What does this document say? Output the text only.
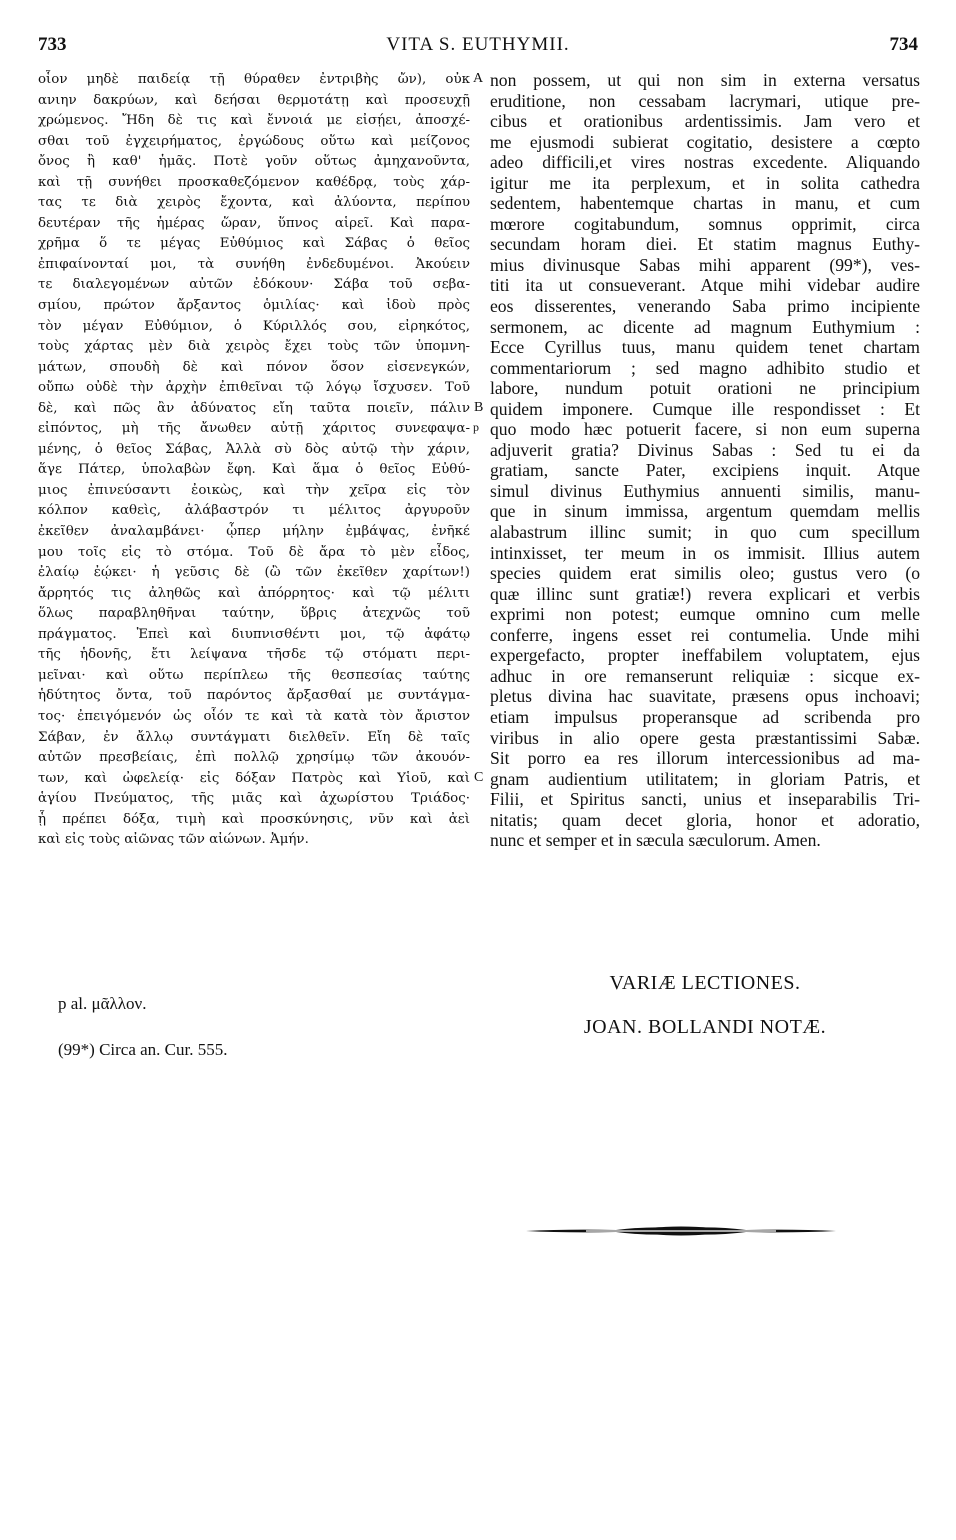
733	VITA S. EUTHYMII.	734
οἷον μηδὲ παιδείᾳ τῇ θύραθεν ἐντριβὴς ὤν), οὐκ
ανιην δακρύων, καὶ δεήσαι θερμοτάτῃ καὶ προσευχῇ
χρώμενος. Ἤδη δὲ τις καὶ ἔννοιά με εἰσῄει, ἀποσχέ-
σθαι τοῦ ἐγχειρήματος, ἐργώδους οὕτω καὶ μείζονος
ὄνος ἢ καθ' ἡμᾶς. Ποτὲ γοῦν οὕτως ἀμηχανοῦντα,
καὶ τῇ συνήθει προσκαθεζόμενον καθέδρᾳ, τοὺς χάρ-
τας τε διὰ χειρὸς ἔχοντα, καὶ ἀλύοντα, περίπου
δευτέραν τῆς ἡμέρας ὥραν, ὕπνος αἱρεῖ. Καὶ παρα-
χρῆμα ὅ τε μέγας Εὐθύμιος καὶ Σάβας ὁ θεῖος
ἐπιφαίνονταί μοι, τὰ συνήθη ἐνδεδυμένοι. Ἀκούειν
τε διαλεγομένων αὐτῶν ἐδόκουν· Σάβα τοῦ σεβα-
σμίου, πρώτον ἄρξαντος ὁμιλίας· καὶ ἰδοὺ πρὸς
τὸν μέγαν Εὐθύμιον, ὁ Κύριλλός σου, εἰρηκότος,
τοὺς χάρτας μὲν διὰ χειρὸς ἔχει τοὺς τῶν ὑπομνη-
μάτων, σπουδὴ δὲ καὶ πόνον ὅσον εἰσενεγκών,
οὔπω οὐδὲ τὴν ἀρχὴν ἐπιθεῖναι τῷ λόγῳ ἴσχυσεν. Τοῦ
δὲ, καὶ πῶς ἂν ἀδύνατος εἴη ταῦτα ποιεῖν, πάλιν
εἰπόντος, μὴ τῆς ἄνωθεν αὐτῇ χάριτος συνεφαψα-
μένης, ὁ θεῖος Σάβας, Ἀλλὰ σὺ δὸς αὐτῷ τὴν χάριν,
ἅγε Πάτερ, ὑπολαβὼν ἔφη. Καὶ ἅμα ὁ θεῖος Εὐθύ-
μιος ἐπινεύσαντι ἐοικὼς, καὶ τὴν χεῖρα εἰς τὸν
κόλπον καθεὶς, ἀλάβαστρόν τι μέλιτος ἀργυροῦν
ἐκεῖθεν ἀναλαμβάνει· ᾧπερ μήλην ἐμβάψας, ἐνῆκέ
μου τοῖς εἰς τὸ στόμα. Τοῦ δὲ ἄρα τὸ μὲν εἶδος,
ἐλαίῳ ἐῴκει· ἡ γεῦσις δὲ (ὢ τῶν ἐκεῖθεν χαρίτων!)
ἄρρητός τις ἀληθῶς καὶ ἀπόρρητος· καὶ τῷ μέλιτι
ὅλως παραβληθῆναι ταύτην, ὕβρις ἀτεχνῶς τοῦ
πράγματος. Ἐπεὶ καὶ διυπνισθέντι μοι, τῷ ἀφάτῳ
τῆς ἡδονῆς, ἔτι λείψανα τῆσδε τῷ στόματι περι-
μεῖναι· καὶ οὕτω περίπλεω τῆς θεσπεσίας ταύτης
ἡδύτητος ὄντα, τοῦ παρόντος ἄρξασθαί με συντάγμα-
τος· ἐπειγόμενόν ὡς οἷόν τε καὶ τὰ κατὰ τὸν ἄριστον
Σάβαν, ἐν ἄλλῳ συντάγματι διελθεῖν. Εἴη δὲ ταῖς
αὐτῶν πρεσβείαις, ἐπὶ πολλῷ χρησίμῳ τῶν ἀκουόν-
των, καὶ ὠφελείᾳ· εἰς δόξαν Πατρὸς καὶ Υἱοῦ, καὶ
ἁγίου Πνεύματος, τῆς μιᾶς καὶ ἀχωρίστου Τριάδος·
ᾗ πρέπει δόξα, τιμὴ καὶ προσκύνησις, νῦν καὶ ἀεὶ
καὶ εἰς τοὺς αἰῶνας τῶν αἰώνων. Ἀμήν.
non possem, ut qui non sim in externa versatus
eruditione, non cessabam lacrymari, utique pre-
cibus et orationibus ardentissimis. Jam vero et
me ejusmodi subierat cogitatio, desistere a cœpto
adeo difficili,et vires nostras excedente. Aliquando
igitur me ita perplexum, et in solita cathedra
sedentem, habentemque chartas in manu, et cum
mœrore cogitabundum, somnus opprimit, circa
secundam horam diei. Et statim magnus Euthy-
mius divinusque Sabas mihi apparent (99*), ves-
titi ita ut consueverant. Atque mihi videbar audire
eos disserentes, venerando Saba primo incipiente
sermonem, ac dicente ad magnum Euthymium :
Ecce Cyrillus tuus, manu quidem tenet chartam
commentariorum ; sed magno adhibito studio et
labore, nundum potuit orationi ne principium
quidem imponere. Cumque ille respondisset : Et
quo modo hæc potuerit facere, si non eum superna
adjuverit gratia? Divinus Sabas : Sed tu ei da
gratiam, sancte Pater, excipiens inquit. Atque
simul divinus Euthymius annuenti similis, manu-
que in sinum immissa, argentum quemdam mellis
alabastrum illinc sumit; in quo cum specillum
intinxisset, ter meum in os immisit. Illius autem
species quidem erat similis oleo; gustus vero (o
quæ illinc sunt gratiæ!) revera explicari et verbis
exprimi non potest; eumque omnino cum melle
conferre, ingens esset rei contumelia. Unde mihi
expergefacto, propter ineffabilem voluptatem, ejus
adhuc in ore remanserunt reliquiæ : sicque ex-
pletus divina hac suavitate, præsens opus inchoavi;
etiam impulsus properansque ad scribenda pro
viribus in alio opere gesta præstantissimi Sabæ.
Sit porro ea res illorum intercessionibus ad ma-
gnam audientium utilitatem; in gloriam Patris, et
Filii, et Spiritus sancti, unius et inseparabilis Tri-
nitatis; quam decet gloria, honor et adoratio,
nunc et semper et in sæcula sæculorum. Amen.
A
B
C
p
VARIÆ LECTIONES.
JOAN. BOLLANDI NOTÆ.
p al. μᾶλλον.
(99*) Circa an. Cur. 555.
